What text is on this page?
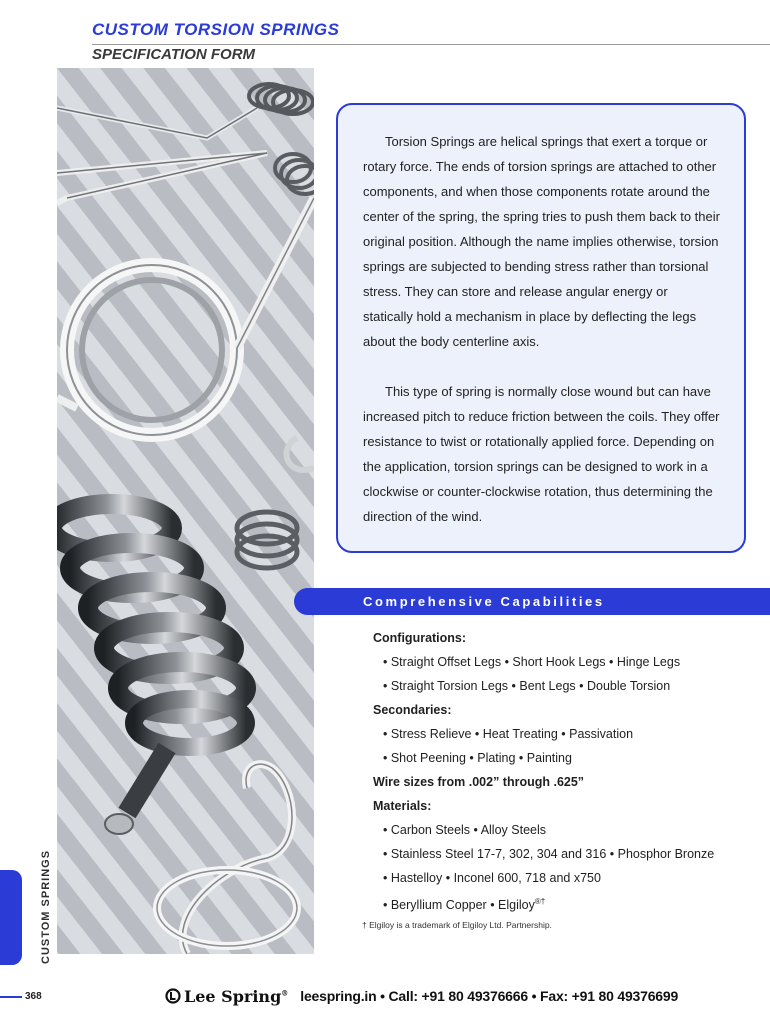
CUSTOM TORSION SPRINGS
SPECIFICATION FORM

Torsion Springs are helical springs that exert a torque or rotary force. The ends of torsion springs are attached to other components, and when those components rotate around the center of the spring, the spring tries to push them back to their original position. Although the name implies otherwise, torsion springs are subjected to bending stress rather than torsional stress. They can store and release angular energy or statically hold a mechanism in place by deflecting the legs about the body centerline axis.

This type of spring is normally close wound but can have increased pitch to reduce friction between the coils. They offer resistance to twist or rotationally applied force. Depending on the application, torsion springs can be designed to work in a clockwise or counter-clockwise rotation, thus determining the direction of the wind.

Comprehensive Capabilities
Configurations:
• Straight Offset Legs • Short Hook Legs • Hinge Legs
• Straight Torsion Legs • Bent Legs • Double Torsion
Secondaries:
• Stress Relieve • Heat Treating • Passivation
• Shot Peening • Plating • Painting
Wire sizes from .002” through .625”
Materials:
• Carbon Steels • Alloy Steels
• Stainless Steel 17-7, 302, 304 and 316 • Phosphor Bronze
• Hastelloy • Inconel 600, 718 and x750
• Beryllium Copper • Elgiloy®†
† Elgiloy is a trademark of Elgiloy Ltd. Partnership.
CUSTOM SPRINGS
368	Lee Spring® leespring.in • Call: +91 80 49376666 • Fax: +91 80 49376699
